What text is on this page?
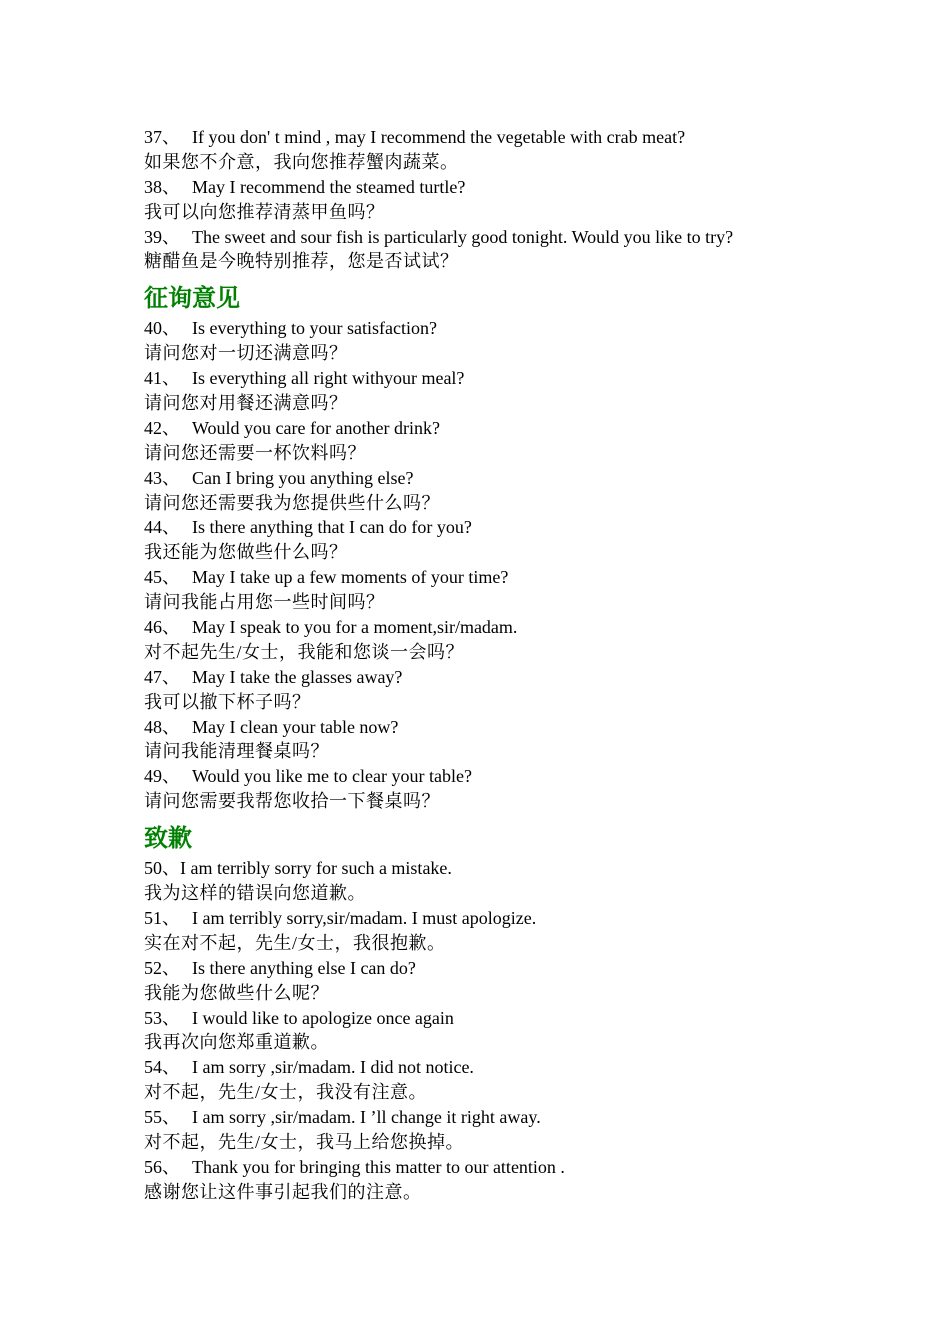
37、 If you don' t mind , may I recommend the vegetable with crab meat?
如果您不介意，我向您推荐蟹肉蔬菜。
38、 May I recommend the steamed turtle?
我可以向您推荐清蒸甲鱼吗？
39、 The sweet and sour fish is particularly good tonight. Would you like to try?
糖醋鱼是今晚特别推荐，您是否试试？
征询意见
40、 Is everything to your satisfaction?
请问您对一切还满意吗？
41、 Is everything all right withyour meal?
请问您对用餐还满意吗？
42、 Would you care for another drink?
请问您还需要一杯饮料吗？
43、 Can I bring you anything else?
请问您还需要我为您提供些什么吗？
44、 Is there anything that I can do for you?
我还能为您做些什么吗？
45、 May I take up a few moments of your time?
请问我能占用您一些时间吗？
46、 May I speak to you for a moment,sir/madam.
对不起先生/女士，我能和您谈一会吗？
47、 May I take the glasses away?
我可以撤下杯子吗？
48、 May I clean your table now?
请问我能清理餐桌吗？
49、 Would you like me to clear your table?
请问您需要我帮您收拾一下餐桌吗？
致歉
50、I am terribly sorry for such a mistake.
我为这样的错误向您道歉。
51、 I am terribly sorry,sir/madam. I must apologize.
实在对不起，先生/女士，我很抱歉。
52、 Is there anything else I can do?
我能为您做些什么呢？
53、 I would like to apologize once again
我再次向您郑重道歉。
54、 I am sorry ,sir/madam. I did not notice.
对不起，先生/女士，我没有注意。
55、 I am sorry ,sir/madam. I ’ll change it right away.
对不起，先生/女士，我马上给您换掉。
56、 Thank you for bringing this matter to our attention .
感谢您让这件事引起我们的注意。
